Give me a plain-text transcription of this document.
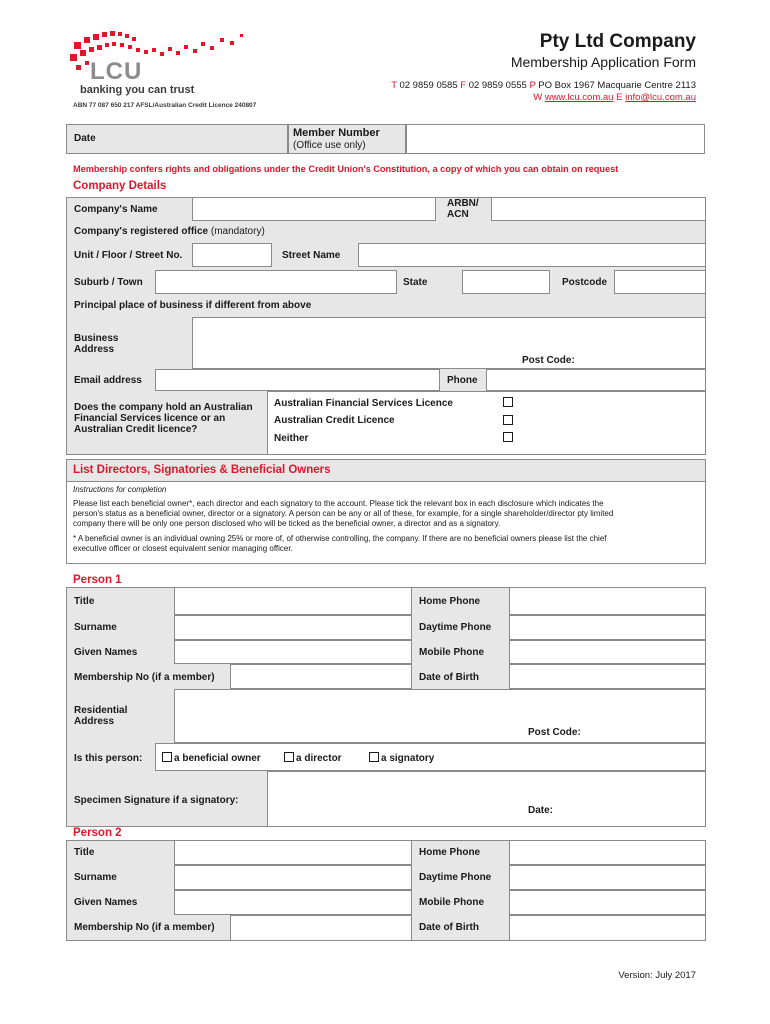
LCU
banking you can trust
ABN 77 087 650 217 AFSL/Australian Credit Licence 240807
Pty Ltd Company
Membership Application Form
T 02 9859 0585 F 02 9859 0555 P PO Box 1967 Macquarie Centre 2113
W www.lcu.com.au E info@lcu.com.au
Date	Member Number
(Office use only)
Membership confers rights and obligations under the Credit Union's Constitution, a copy of which you can obtain on request
Company Details
Company's Name
ARBN/
ACN
Company's registered office (mandatory)
Unit / Floor / Street No.	Street Name
Suburb / Town	State	Postcode
Principal place of business if different from above
Business
Address
Post Code:
Email address	Phone
Does the company hold an Australian
Financial Services licence or an
Australian Credit licence?
Australian Financial Services Licence
Australian Credit Licence
Neither
List Directors, Signatories & Beneficial Owners
Instructions for completion
Please list each beneficial owner*, each director and each signatory to the account. Please tick the relevant box in each disclosure which indicates the
person's status as a beneficial owner, director or a signatory. A person can be any or all of these, for example, for a single shareholder/director pty limited
company there will be only one person disclosed who will be ticked as the beneficial owner, a director and as a signatory.
* A beneficial owner is an individual owning 25% or more of, of otherwise controlling, the company. If there are no beneficial owners please list the chief
executive officer or closest equivalent senior managing officer.
Person 1
Title	Home Phone
Surname	Daytime Phone
Given Names	Mobile Phone
Membership No (if a member)	Date of Birth
Residential
Address
Post Code:
Is this person:	a beneficial owner	a director	a signatory
Specimen Signature if a signatory:
Date:
Person 2
Title	Home Phone
Surname	Daytime Phone
Given Names	Mobile Phone
Membership No (if a member)	Date of Birth
Version: July 2017
